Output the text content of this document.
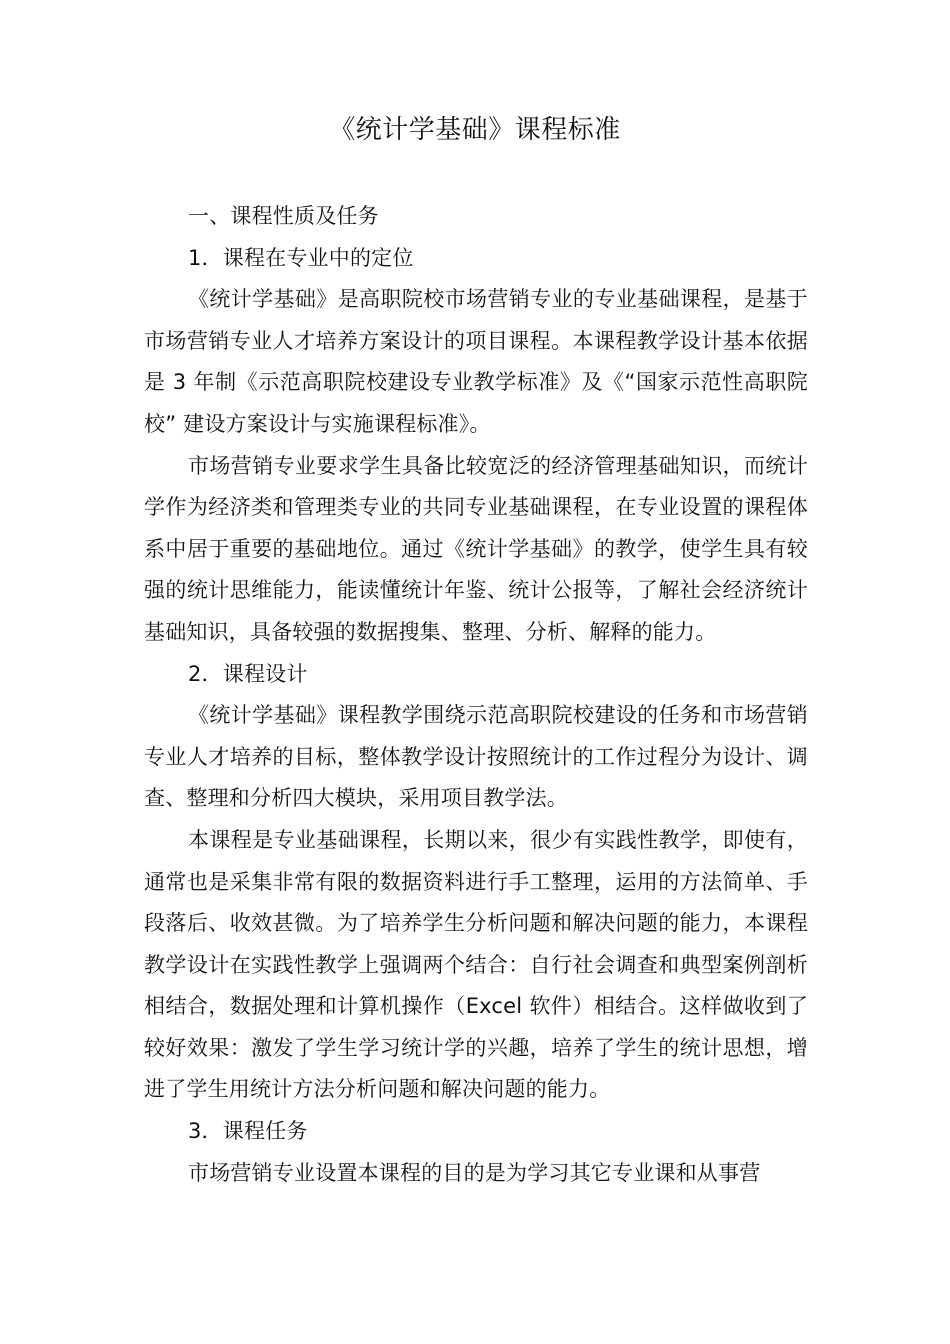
《统计学基础》课程标准

一、课程性质及任务

1．课程在专业中的定位

《统计学基础》是高职院校市场营销专业的专业基础课程，是基于市场营销专业人才培养方案设计的项目课程。本课程教学设计基本依据是 3 年制《示范高职院校建设专业教学标准》及《“国家示范性高职院校” 建设方案设计与实施课程标准》。

市场营销专业要求学生具备比较宽泛的经济管理基础知识，而统计学作为经济类和管理类专业的共同专业基础课程，在专业设置的课程体系中居于重要的基础地位。通过《统计学基础》的教学，使学生具有较强的统计思维能力，能读懂统计年鉴、统计公报等，了解社会经济统计基础知识，具备较强的数据搜集、整理、分析、解释的能力。

2．课程设计

《统计学基础》课程教学围绕示范高职院校建设的任务和市场营销专业人才培养的目标，整体教学设计按照统计的工作过程分为设计、调查、整理和分析四大模块，采用项目教学法。

本课程是专业基础课程，长期以来，很少有实践性教学，即使有，通常也是采集非常有限的数据资料进行手工整理，运用的方法简单、手段落后、收效甚微。为了培养学生分析问题和解决问题的能力，本课程教学设计在实践性教学上强调两个结合：自行社会调查和典型案例剖析相结合，数据处理和计算机操作（Excel 软件）相结合。这样做收到了较好效果：激发了学生学习统计学的兴趣，培养了学生的统计思想，增进了学生用统计方法分析问题和解决问题的能力。

3．课程任务

市场营销专业设置本课程的目的是为学习其它专业课和从事营
